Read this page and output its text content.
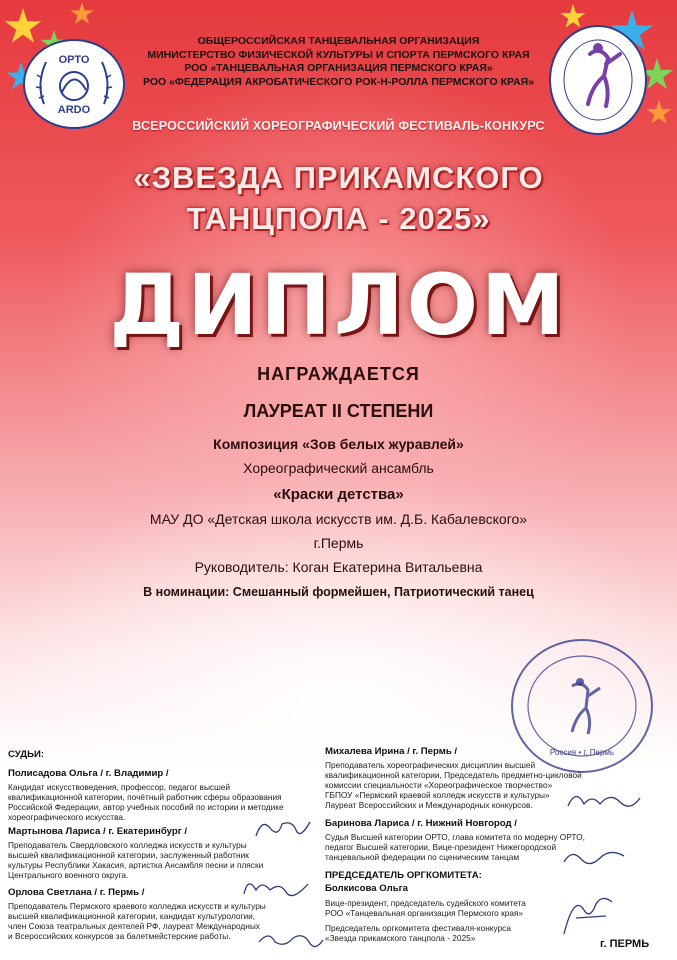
ОРТО
ARDO
ОБЩЕРОССИЙСКАЯ ТАНЦЕВАЛЬНАЯ ОРГАНИЗАЦИЯ
МИНИСТЕРСТВО ФИЗИЧЕСКОЙ КУЛЬТУРЫ И СПОРТА ПЕРМСКОГО КРАЯ
РОО «ТАНЦЕВАЛЬНАЯ ОРГАНИЗАЦИЯ ПЕРМСКОГО КРАЯ»
РОО «ФЕДЕРАЦИЯ АКРОБАТИЧЕСКОГО РОК-Н-РОЛЛА ПЕРМСКОГО КРАЯ»
ВСЕРОССИЙСКИЙ ХОРЕОГРАФИЧЕСКИЙ ФЕСТИВАЛЬ-КОНКУРС
«ЗВЕЗДА ПРИКАМСКОГО
ТАНЦПОЛА - 2025»
ДИПЛОМ
НАГРАЖДАЕТСЯ
ЛАУРЕАТ II СТЕПЕНИ
Композиция «Зов белых журавлей»
Хореографический ансамбль
«Краски детства»
МАУ ДО «Детская школа искусств им. Д.Б. Кабалевского»
г.Пермь
Руководитель: Коган Екатерина Витальевна
В номинации: Смешанный формейшен, Патриотический танец
Россия • г. Пермь
СУДЬИ:
Полисадова Ольга / г. Владимир /
Кандидат искусствоведения, профессор, педагог высшей
квалификационной категории, почётный работник сферы образования
Российской Федерации, автор учебных пособий по истории и методике
хореографического искусства.
Мартынова Лариса / г. Екатеринбург /
Преподаватель Свердловского колледжа искусств и культуры
высшей квалификационной категории, заслуженный работник
культуры Республики Хакасия, артистка Ансамбля песни и пляски
Центрального военного округа.
Орлова Светлана / г. Пермь /
Преподаватель Пермского краевого колледжа искусств и культуры
высшей квалификационной категории, кандидат культурологии,
член Союза театральных деятелей РФ, лауреат Международных
и Всероссийских конкурсов за балетмейстерские работы.
Михалева Ирина / г. Пермь /
Преподаватель хореографических дисциплин высшей
квалификационной категории, Председатель предметно-цикловой
комиссии специальности «Хореографическое творчество»
ГБПОУ «Пермский краевой колледж искусств и культуры»
Лауреат Всероссийских и Международных конкурсов.
Баринова Лариса / г. Нижний Новгород /
Судья Высшей категории ОРТО, глава комитета по модерну ОРТО,
педагог Высшей категории, Вице-президент Нижегородской
танцевальной федерации по сценическим танцам
ПРЕДСЕДАТЕЛЬ ОРГКОМИТЕТА:
Болкисова Ольга
Вице-президент, председатель судейского комитета
РОО «Танцевальная организация Пермского края»
Председатель оргкомитета фестиваля-конкурса
«Звезда прикамского танцпола - 2025»	г. ПЕРМЬ
